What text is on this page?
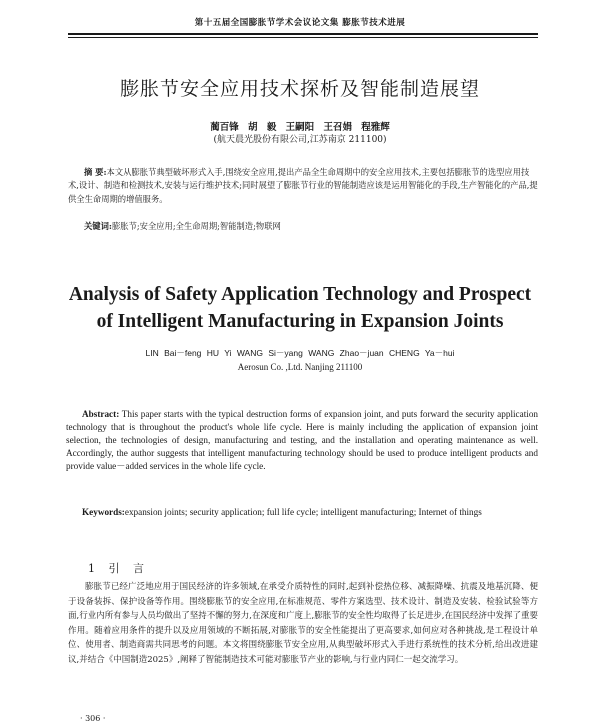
第十五届全国膨胀节学术会议论文集 膨胀节技术进展
膨胀节安全应用技术探析及智能制造展望
蔺百锋 胡 毅 王嗣阳 王召娟 程雅辉
(航天晨光股份有限公司,江苏南京 211100)
摘 要:本文从膨胀节典型破坏形式入手,围绕安全应用,提出产品全生命周期中的安全应用技术,主要包括膨胀节的选型应用技术,设计、制造和检测技术,安装与运行维护技术;同时展望了膨胀节行业的智能制造应该是运用智能化的手段,生产智能化的产品,提供全生命周期的增值服务。
关键词:膨胀节;安全应用;全生命周期;智能制造;物联网
Analysis of Safety Application Technology and Prospect
of Intelligent Manufacturing in Expansion Joints
LIN Bai－feng HU Yi WANG Si－yang WANG Zhao－juan CHENG Ya－hui
Aerosun Co. ,Ltd. Nanjing 211100
Abstract: This paper starts with the typical destruction forms of expansion joint, and puts forward the security application technology that is throughout the product's whole life cycle. Here is mainly including the application of expansion joint selection, the technologies of design, manufacturing and testing, and the installation and operating maintenance as well. Accordingly, the author suggests that intelligent manufacturing technology should be used to produce intelligent products and provide value－added services in the whole life cycle.
Keywords:expansion joints; security application; full life cycle; intelligent manufacturing; Internet of things
1 引 言
膨胀节已经广泛地应用于国民经济的许多领域,在承受介质特性的同时,起到补偿热位移、减振降噪、抗震及地基沉降、便于设备装拆、保护设备等作用。围绕膨胀节的安全应用,在标准规范、零件方案选型、技术设计、制造及安装、检验试验等方面,行业内所有参与人员均做出了坚持不懈的努力,在深度和广度上,膨胀节的安全性均取得了长足进步,在国民经济中发挥了重要作用。随着应用条件的提升以及应用领域的不断拓展,对膨胀节的安全性能提出了更高要求,如何应对各种挑战,是工程设计单位、使用者、制造商需共同思考的问题。本文将围绕膨胀节安全应用,从典型破坏形式入手进行系统性的技术分析,给出改进建议,并结合《中国制造2025》,阐释了智能制造技术可能对膨胀节产业的影响,与行业内同仁一起交流学习。
· 306 ·
